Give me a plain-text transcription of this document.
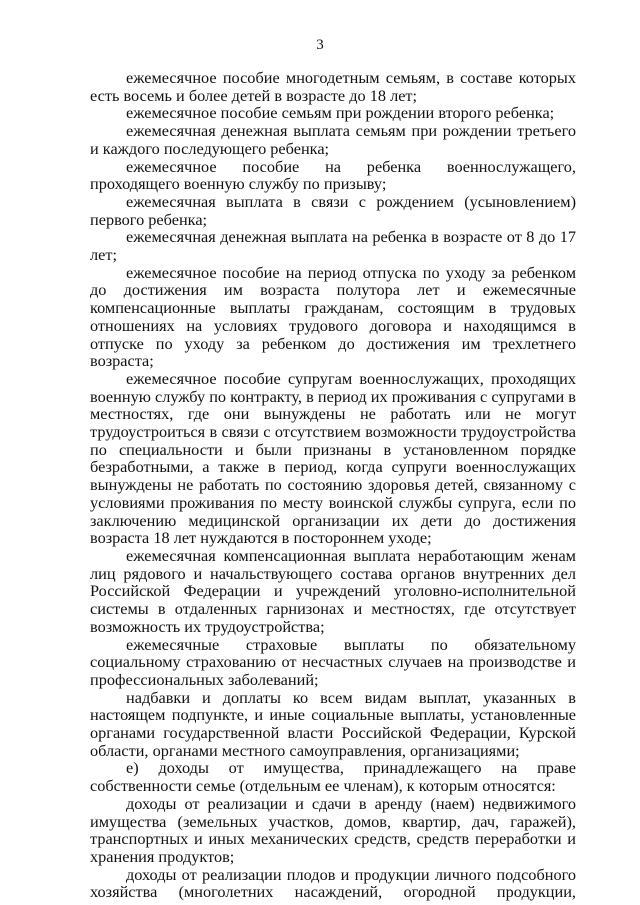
3

ежемесячное пособие многодетным семьям, в составе которых есть восемь и более детей в возрасте до 18 лет;

ежемесячное пособие семьям при рождении второго ребенка;

ежемесячная денежная выплата семьям при рождении третьего и каждого последующего ребенка;

ежемесячное пособие на ребенка военнослужащего, проходящего военную службу по призыву;

ежемесячная выплата в связи с рождением (усыновлением) первого ребенка;

ежемесячная денежная выплата на ребенка в возрасте от 8 до 17 лет;

ежемесячное пособие на период отпуска по уходу за ребенком до достижения им возраста полутора лет и ежемесячные компенсационные выплаты гражданам, состоящим в трудовых отношениях на условиях трудового договора и находящимся в отпуске по уходу за ребенком до достижения им трехлетнего возраста;

ежемесячное пособие супругам военнослужащих, проходящих военную службу по контракту, в период их проживания с супругами в местностях, где они вынуждены не работать или не могут трудоустроиться в связи с отсутствием возможности трудоустройства по специальности и были признаны в установленном порядке безработными, а также в период, когда супруги военнослужащих вынуждены не работать по состоянию здоровья детей, связанному с условиями проживания по месту воинской службы супруга, если по заключению медицинской организации их дети до достижения возраста 18 лет нуждаются в постороннем уходе;

ежемесячная компенсационная выплата неработающим женам лиц рядового и начальствующего состава органов внутренних дел Российской Федерации и учреждений уголовно-исполнительной системы в отдаленных гарнизонах и местностях, где отсутствует возможность их трудоустройства;

ежемесячные страховые выплаты по обязательному социальному страхованию от несчастных случаев на производстве и профессиональных заболеваний;

надбавки и доплаты ко всем видам выплат, указанных в настоящем подпункте, и иные социальные выплаты, установленные органами государственной власти Российской Федерации, Курской области, органами местного самоуправления, организациями;

е) доходы от имущества, принадлежащего на праве собственности семье (отдельным ее членам), к которым относятся:

доходы от реализации и сдачи в аренду (наем) недвижимого имущества (земельных участков, домов, квартир, дач, гаражей), транспортных и иных механических средств, средств переработки и хранения продуктов;

доходы от реализации плодов и продукции личного подсобного хозяйства (многолетних насаждений, огородной продукции,
